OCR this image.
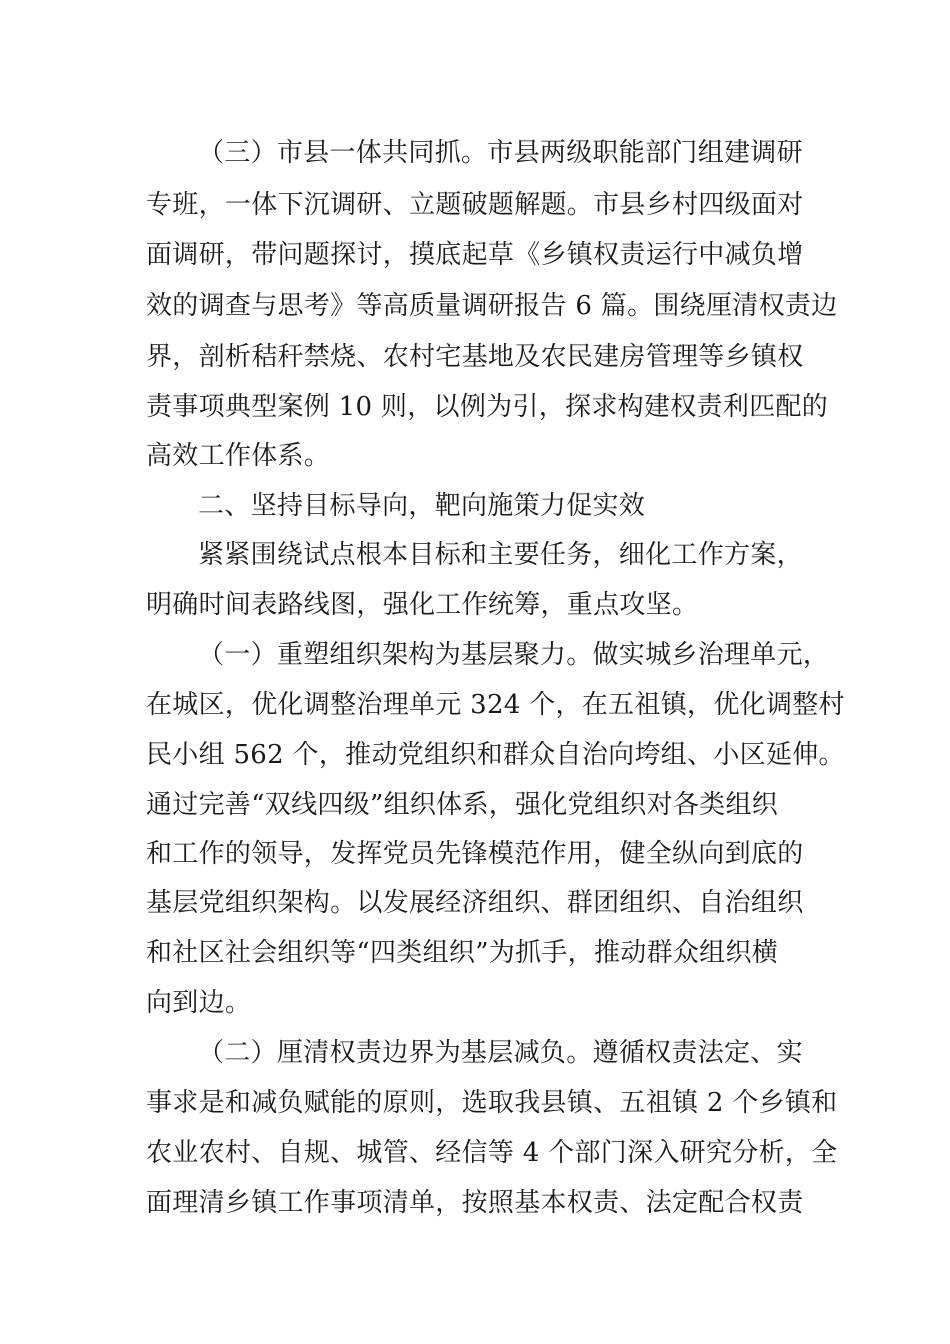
（三）市县一体共同抓。市县两级职能部门组建调研
专班，一体下沉调研、立题破题解题。市县乡村四级面对
面调研，带问题探讨，摸底起草《乡镇权责运行中减负增
效的调查与思考》等高质量调研报告 6 篇。围绕厘清权责边
界，剖析秸秆禁烧、农村宅基地及农民建房管理等乡镇权
责事项典型案例 10 则，以例为引，探求构建权责利匹配的
高效工作体系。
二、坚持目标导向，靶向施策力促实效
紧紧围绕试点根本目标和主要任务，细化工作方案，
明确时间表路线图，强化工作统筹，重点攻坚。
（一）重塑组织架构为基层聚力。做实城乡治理单元，
在城区，优化调整治理单元 324 个，在五祖镇，优化调整村
民小组 562 个，推动党组织和群众自治向垮组、小区延伸。
通过完善“双线四级”组织体系，强化党组织对各类组织
和工作的领导，发挥党员先锋模范作用，健全纵向到底的
基层党组织架构。以发展经济组织、群团组织、自治组织
和社区社会组织等“四类组织”为抓手，推动群众组织横
向到边。
（二）厘清权责边界为基层减负。遵循权责法定、实
事求是和减负赋能的原则，选取我县镇、五祖镇 2 个乡镇和
农业农村、自规、城管、经信等 4 个部门深入研究分析，全
面理清乡镇工作事项清单，按照基本权责、法定配合权责
